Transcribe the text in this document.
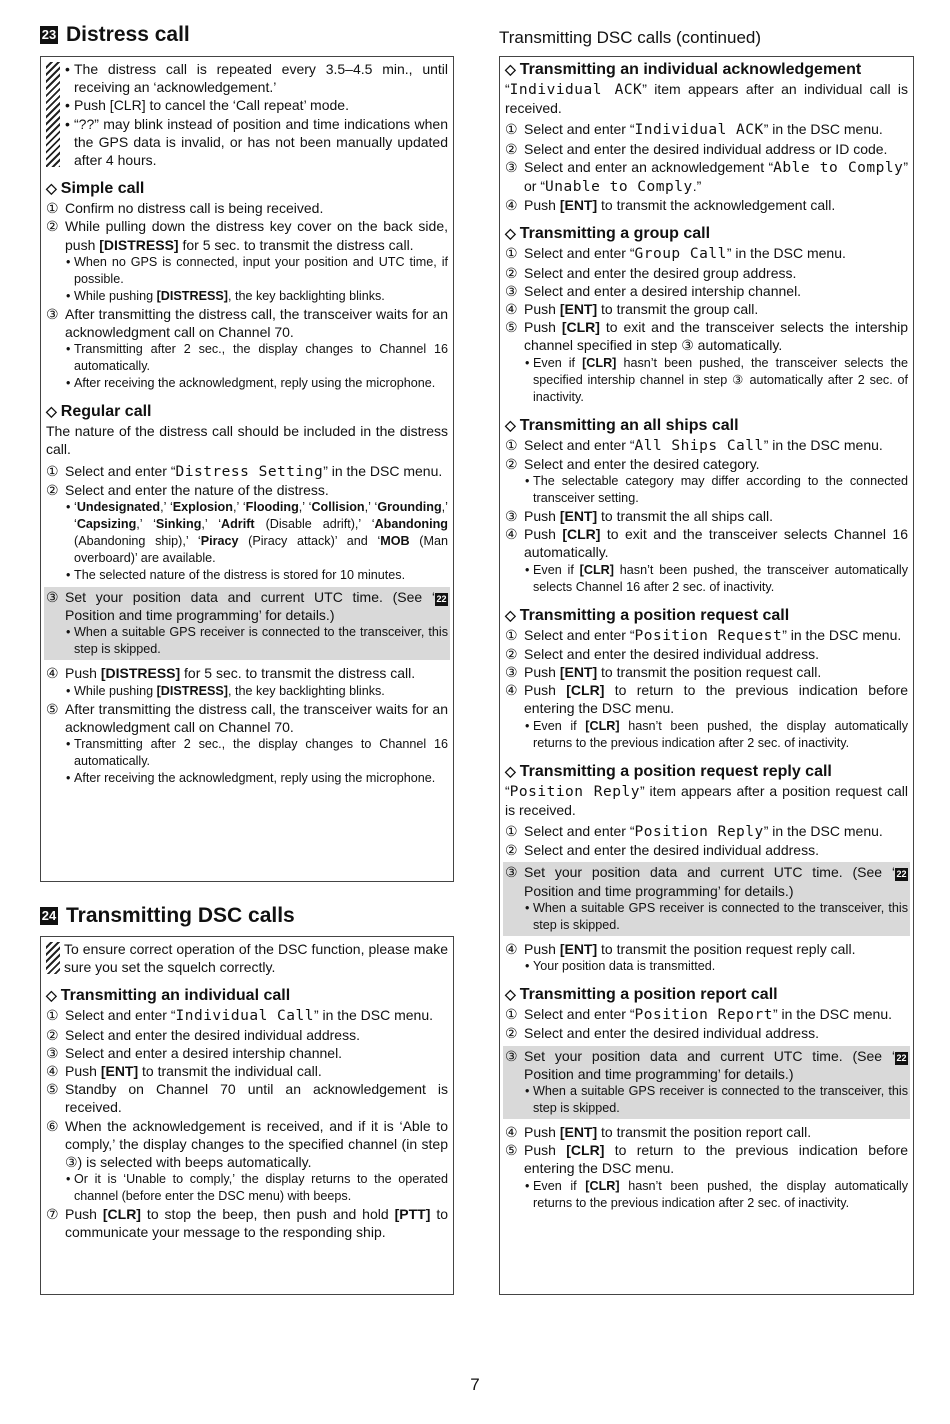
23 Distress call
• The distress call is repeated every 3.5–4.5 min., until receiving an ‘acknowledgement.’
• Push [CLR] to cancel the ‘Call repeat’ mode.
• “??” may blink instead of position and time indications when the GPS data is invalid, or has not been manually updated after 4 hours.
◇ Simple call
① Confirm no distress call is being received.
② While pulling down the distress key cover on the back side, push [DISTRESS] for 5 sec. to transmit the distress call.
• When no GPS is connected, input your position and UTC time, if possible.
• While pushing [DISTRESS], the key backlighting blinks.
③ After transmitting the distress call, the transceiver waits for an acknowledgment call on Channel 70.
• Transmitting after 2 sec., the display changes to Channel 16 automatically.
• After receiving the acknowledgment, reply using the microphone.
◇ Regular call
The nature of the distress call should be included in the distress call.
① Select and enter “Distress Setting” in the DSC menu.
② Select and enter the nature of the distress.
• ‘Undesignated,’ ‘Explosion,’ ‘Flooding,’ ‘Collision,’ ‘Grounding,’ ‘Capsizing,’ ‘Sinking,’ ‘Adrift (Disable adrift),’ ‘Abandoning (Abandoning ship),’ ‘Piracy (Piracy attack)’ and ‘MOB (Man overboard)’ are available.
• The selected nature of the distress is stored for 10 minutes.
③ Set your position data and current UTC time. (See ‘22 Position and time programming’ for details.)
• When a suitable GPS receiver is connected to the transceiver, this step is skipped.
④ Push [DISTRESS] for 5 sec. to transmit the distress call.
• While pushing [DISTRESS], the key backlighting blinks.
⑤ After transmitting the distress call, the transceiver waits for an acknowledgment call on Channel 70.
• Transmitting after 2 sec., the display changes to Channel 16 automatically.
• After receiving the acknowledgment, reply using the microphone.
24 Transmitting DSC calls
To ensure correct operation of the DSC function, please make sure you set the squelch correctly.
◇ Transmitting an individual call
① Select and enter “Individual Call” in the DSC menu.
② Select and enter the desired individual address.
③ Select and enter a desired intership channel.
④ Push [ENT] to transmit the individual call.
⑤ Standby on Channel 70 until an acknowledgement is received.
⑥ When the acknowledgement is received, and if it is ‘Able to comply,’ the display changes to the specified channel (in step ③) is selected with beeps automatically.
• Or it is ‘Unable to comply,’ the display returns to the operated channel (before enter the DSC menu) with beeps.
⑦ Push [CLR] to stop the beep, then push and hold [PTT] to communicate your message to the responding ship.
Transmitting DSC calls (continued)
◇ Transmitting an individual acknowledgement
“Individual ACK” item appears after an individual call is received.
① Select and enter “Individual ACK” in the DSC menu.
② Select and enter the desired individual address or ID code.
③ Select and enter an acknowledgement “Able to Comply” or “Unable to Comply.”
④ Push [ENT] to transmit the acknowledgement call.
◇ Transmitting a group call
① Select and enter “Group Call” in the DSC menu.
② Select and enter the desired group address.
③ Select and enter a desired intership channel.
④ Push [ENT] to transmit the group call.
⑤ Push [CLR] to exit and the transceiver selects the intership channel specified in step ③ automatically.
• Even if [CLR] hasn’t been pushed, the transceiver selects the specified intership channel in step ③ automatically after 2 sec. of inactivity.
◇ Transmitting an all ships call
① Select and enter “All Ships Call” in the DSC menu.
② Select and enter the desired category.
• The selectable category may differ according to the connected transceiver setting.
③ Push [ENT] to transmit the all ships call.
④ Push [CLR] to exit and the transceiver selects Channel 16 automatically.
• Even if [CLR] hasn’t been pushed, the transceiver automatically selects Channel 16 after 2 sec. of inactivity.
◇ Transmitting a position request call
① Select and enter “Position Request” in the DSC menu.
② Select and enter the desired individual address.
③ Push [ENT] to transmit the position request call.
④ Push [CLR] to return to the previous indication before entering the DSC menu.
• Even if [CLR] hasn’t been pushed, the display automatically returns to the previous indication after 2 sec. of inactivity.
◇ Transmitting a position request reply call
“Position Reply” item appears after a position request call is received.
① Select and enter “Position Reply” in the DSC menu.
② Select and enter the desired individual address.
③ Set your position data and current UTC time. (See ‘22 Position and time programming’ for details.)
• When a suitable GPS receiver is connected to the transceiver, this step is skipped.
④ Push [ENT] to transmit the position request reply call.
• Your position data is transmitted.
◇ Transmitting a position report call
① Select and enter “Position Report” in the DSC menu.
② Select and enter the desired individual address.
③ Set your position data and current UTC time. (See ‘22 Position and time programming’ for details.)
• When a suitable GPS receiver is connected to the transceiver, this step is skipped.
④ Push [ENT] to transmit the position report call.
⑤ Push [CLR] to return to the previous indication before entering the DSC menu.
• Even if [CLR] hasn’t been pushed, the display automatically returns to the previous indication after 2 sec. of inactivity.
7
